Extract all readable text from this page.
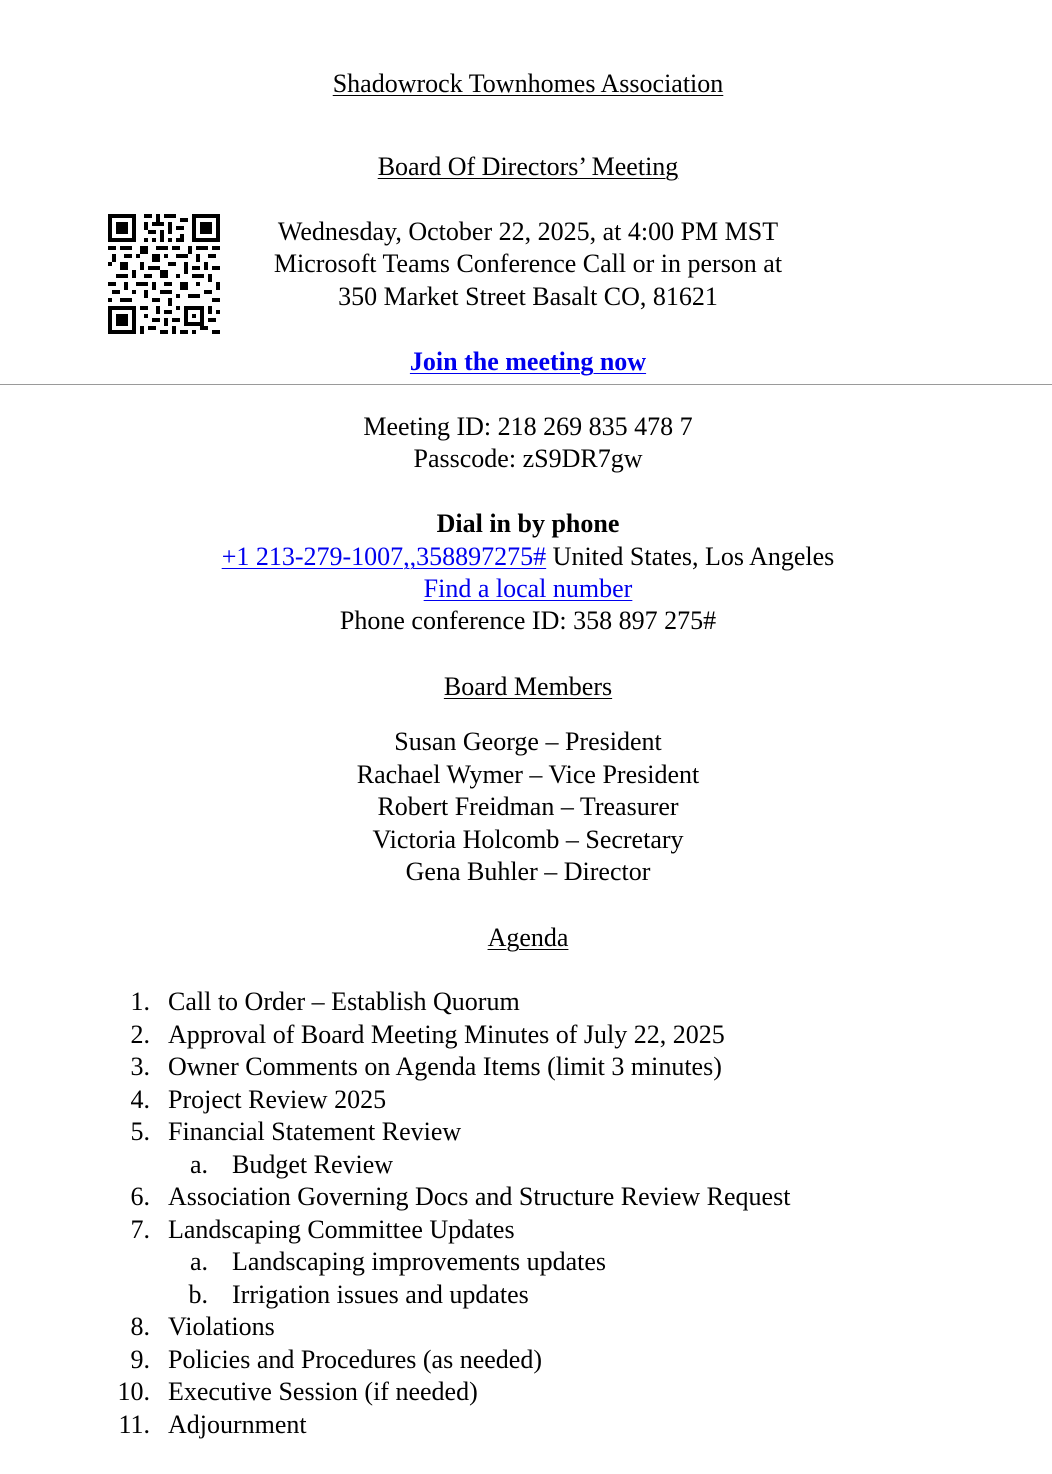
Shadowrock Townhomes Association
Board Of Directors’ Meeting
Wednesday, October 22, 2025, at 4:00 PM MST
Microsoft Teams Conference Call or in person at
350 Market Street Basalt CO, 81621
Join the meeting now
Meeting ID: 218 269 835 478 7
Passcode: zS9DR7gw
Dial in by phone
+1 213-279-1007,,358897275# United States, Los Angeles
Find a local number
Phone conference ID: 358 897 275#
Board Members
Susan George – President
Rachael Wymer – Vice President
Robert Freidman – Treasurer
Victoria Holcomb – Secretary
Gena Buhler – Director
Agenda
1. Call to Order – Establish Quorum
2. Approval of Board Meeting Minutes of July 22, 2025
3. Owner Comments on Agenda Items (limit 3 minutes)
4. Project Review 2025
5. Financial Statement Review
a. Budget Review
6. Association Governing Docs and Structure Review Request
7. Landscaping Committee Updates
a. Landscaping improvements updates
b. Irrigation issues and updates
8. Violations
9. Policies and Procedures (as needed)
10. Executive Session (if needed)
11. Adjournment
